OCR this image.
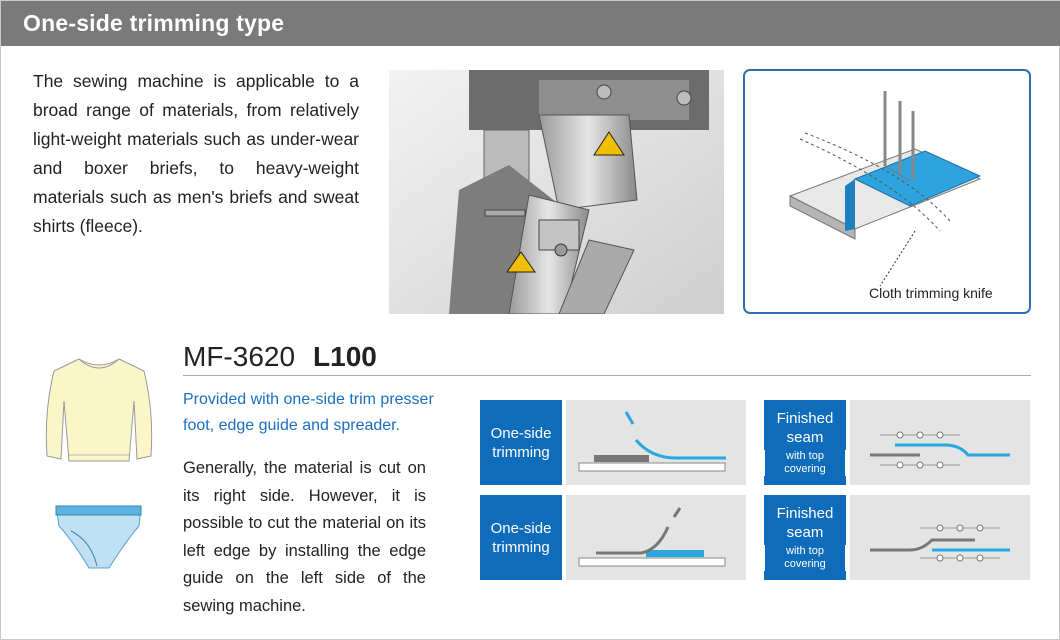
One-side trimming type

The sewing machine is applicable to a broad range of materials, from relatively light-weight materials such as under-wear and boxer briefs, to heavy-weight materials such as men's briefs and sweat shirts (fleece).

Cloth trimming knife
MF-3620 L100

Provided with one-side trim presser foot, edge guide and spreader.

Generally, the material is cut on its right side. However, it is possible to cut the material on its left edge by installing the edge guide on the left side of the sewing machine.

One-side trimming
Finished seam
with top covering
One-side trimming
Finished seam
with top covering
